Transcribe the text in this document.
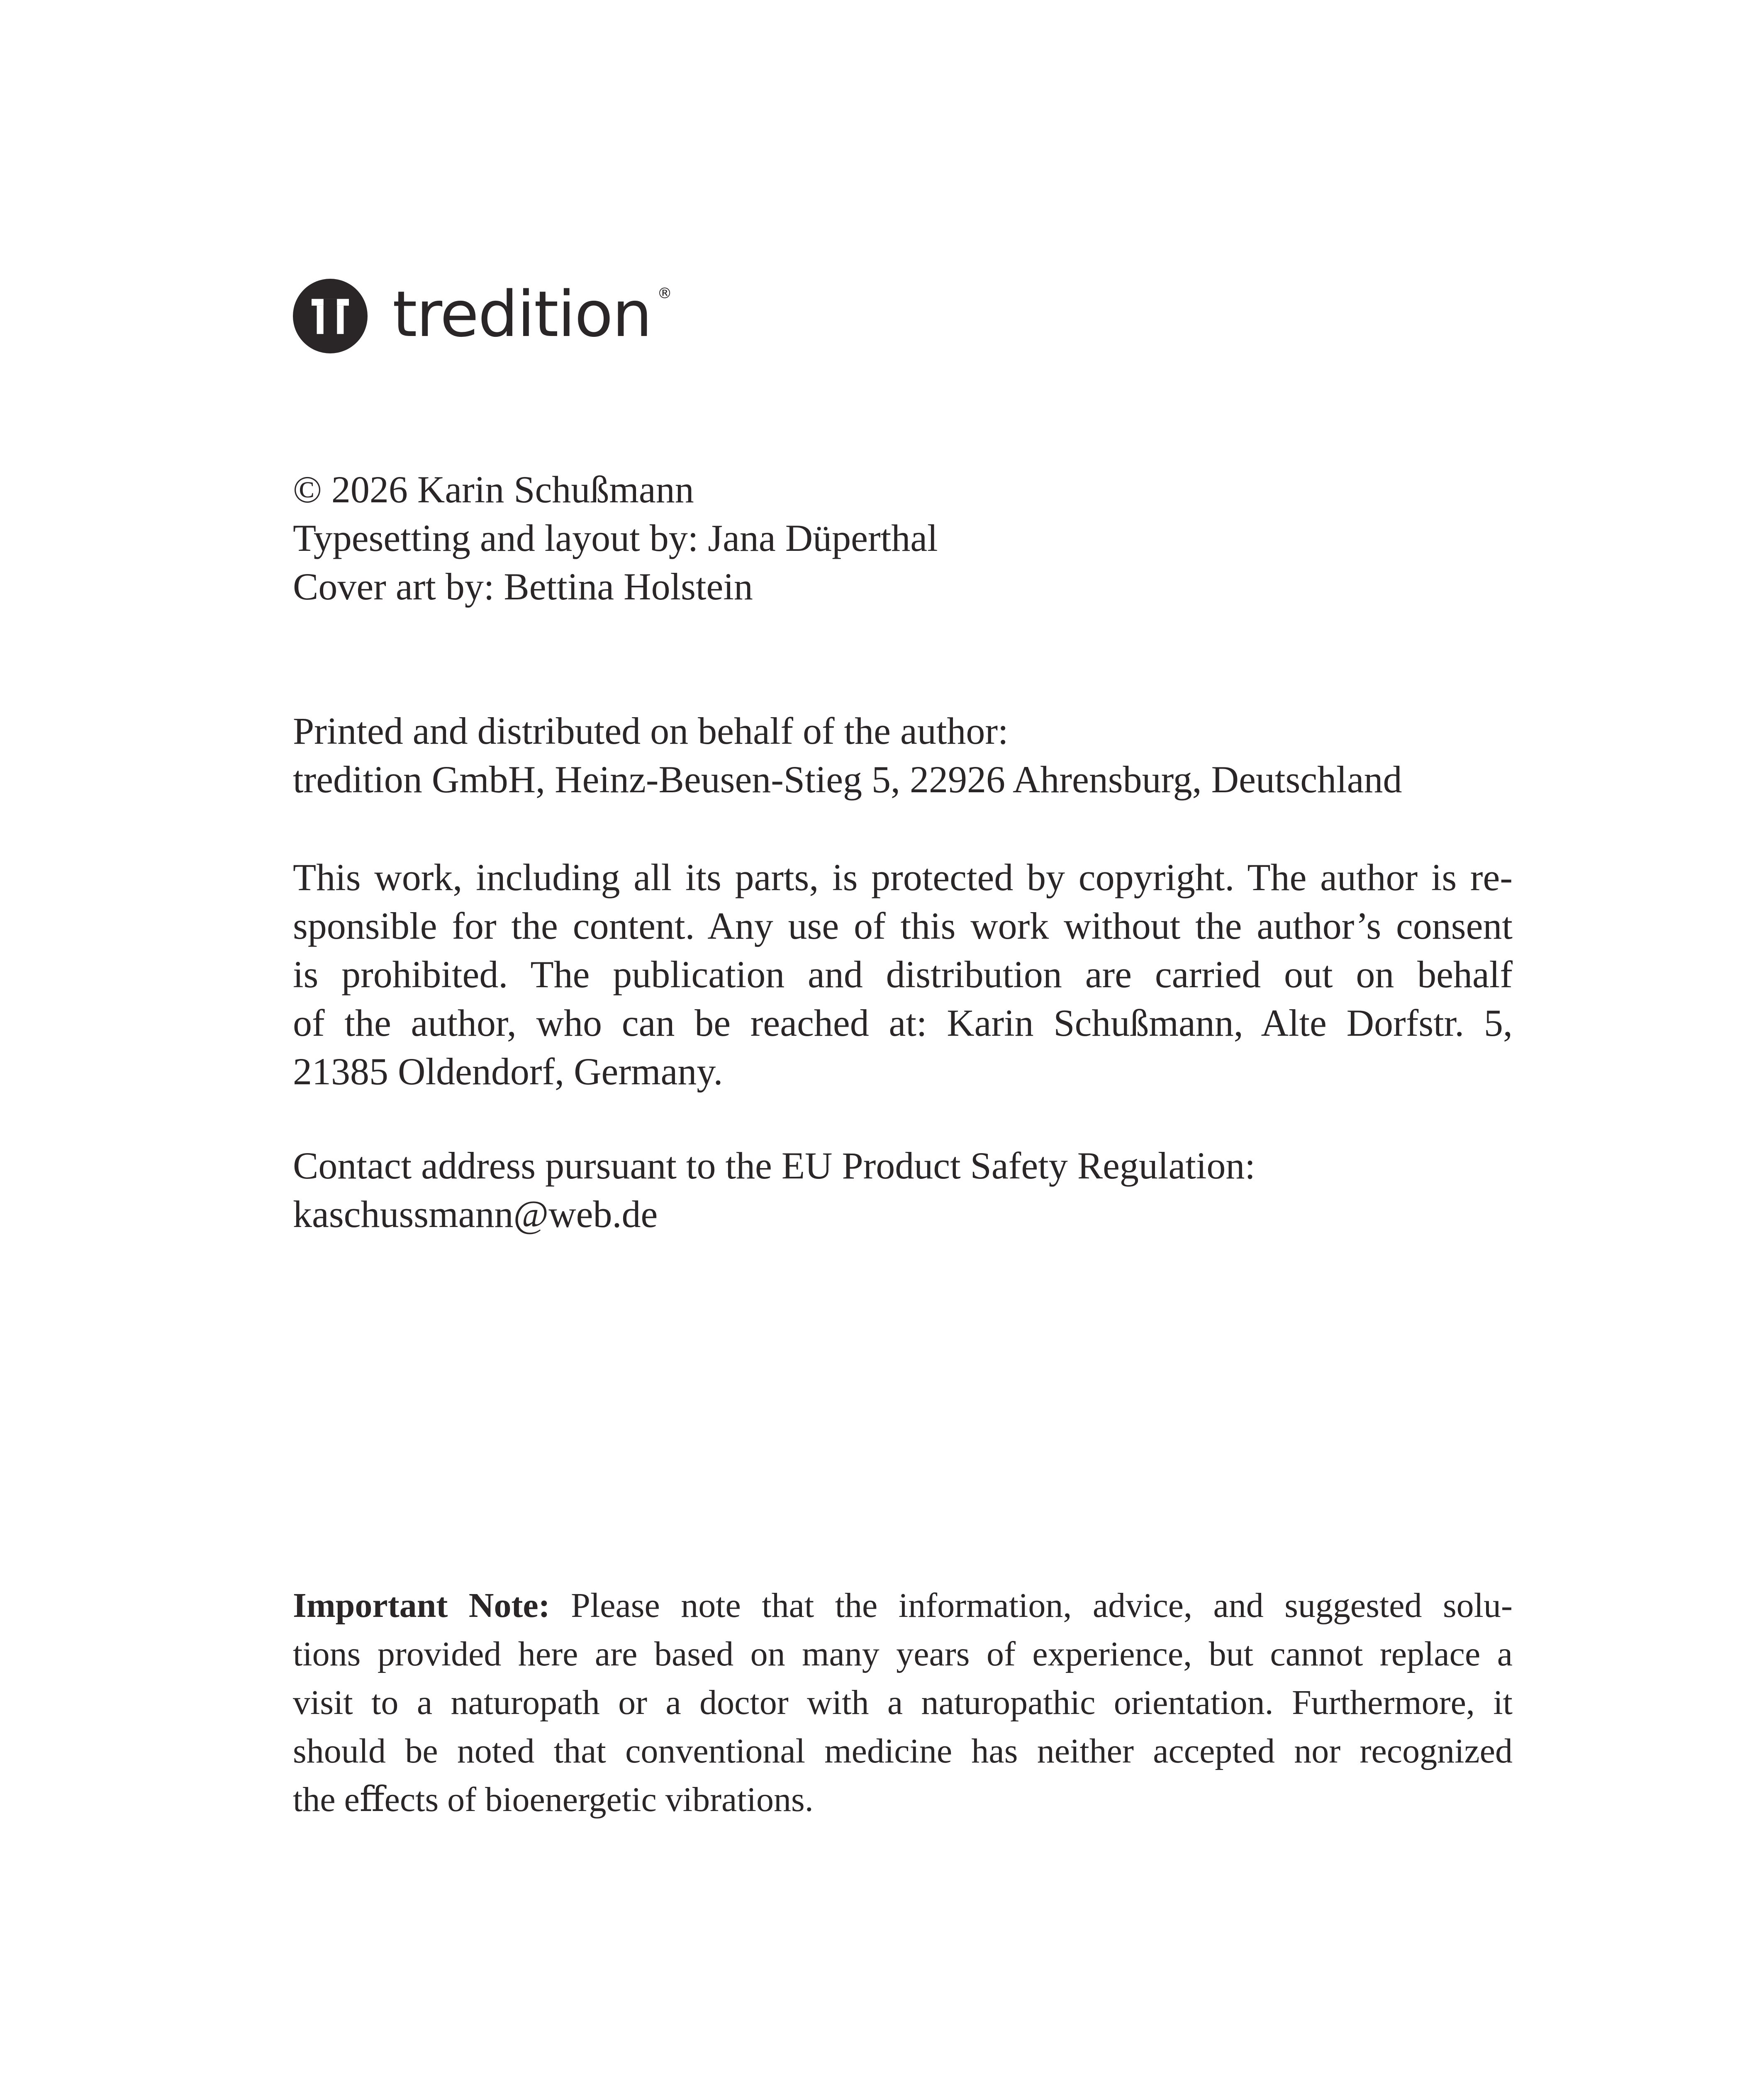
tredition ®
© 2026 Karin Schußmann
Typesetting and layout by: Jana Düperthal
Cover art by: Bettina Holstein
Printed and distributed on behalf of the author:
tredition GmbH, Heinz-Beusen-Stieg 5, 22926 Ahrensburg, Deutschland
This work, including all its parts, is protected by copyright. The author is re-
sponsible for the content. Any use of this work without the author’s consent
is prohibited. The publication and distribution are carried out on behalf
of the author, who can be reached at: Karin Schußmann, Alte Dorfstr. 5,
21385 Oldendorf, Germany.
Contact address pursuant to the EU Product Safety Regulation:
kaschussmann@web.de
Important Note: Please note that the information, advice, and suggested solu-
tions provided here are based on many years of experience, but cannot replace a
visit to a naturopath or a doctor with a naturopathic orientation. Furthermore, it
should be noted that conventional medicine has neither accepted nor recognized
the eﬀects of bioenergetic vibrations.
